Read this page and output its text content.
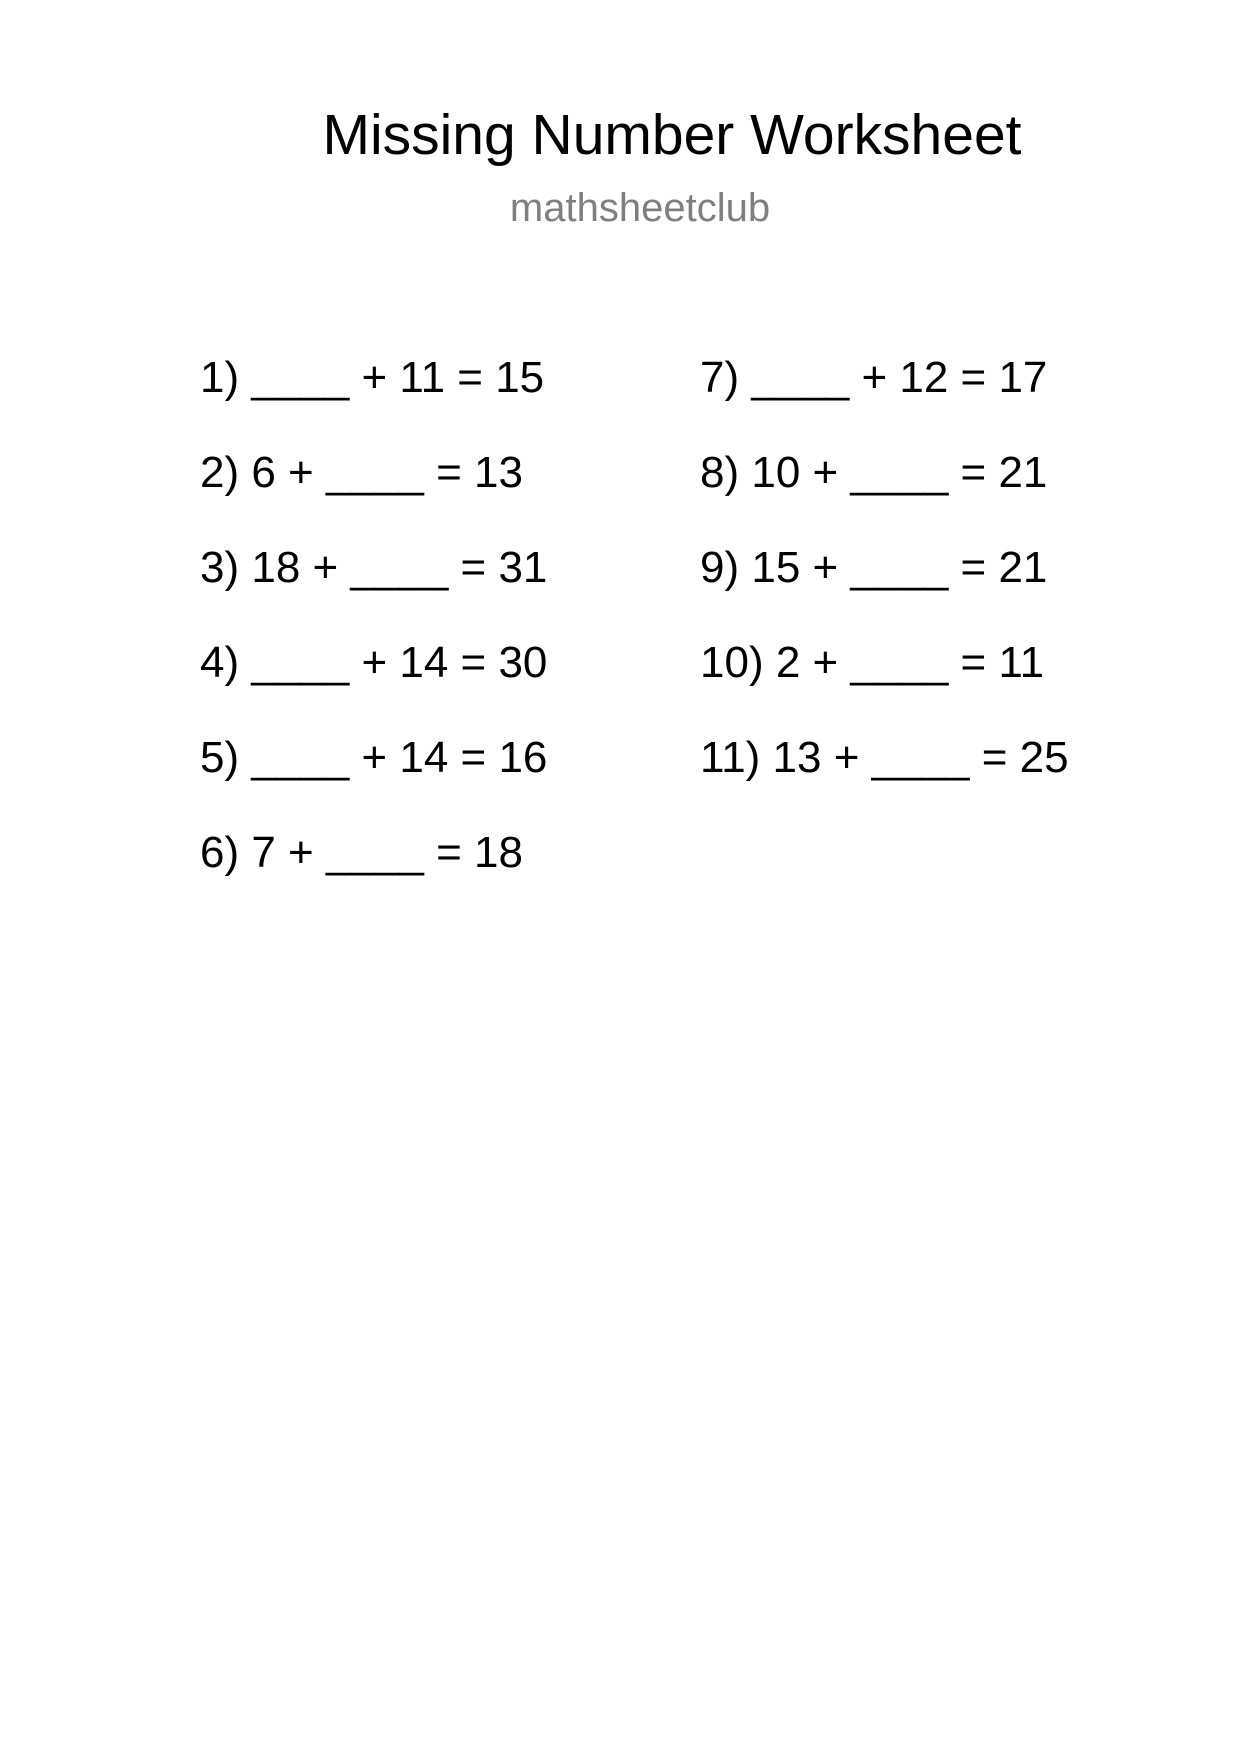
Missing Number Worksheet
mathsheetclub
1) ____ + 11 = 15
2) 6 + ____ = 13
3) 18 + ____ = 31
4) ____ + 14 = 30
5) ____ + 14 = 16
6) 7 + ____ = 18
7) ____ + 12 = 17
8) 10 + ____ = 21
9) 15 + ____ = 21
10) 2 + ____ = 11
11) 13 + ____ = 25
